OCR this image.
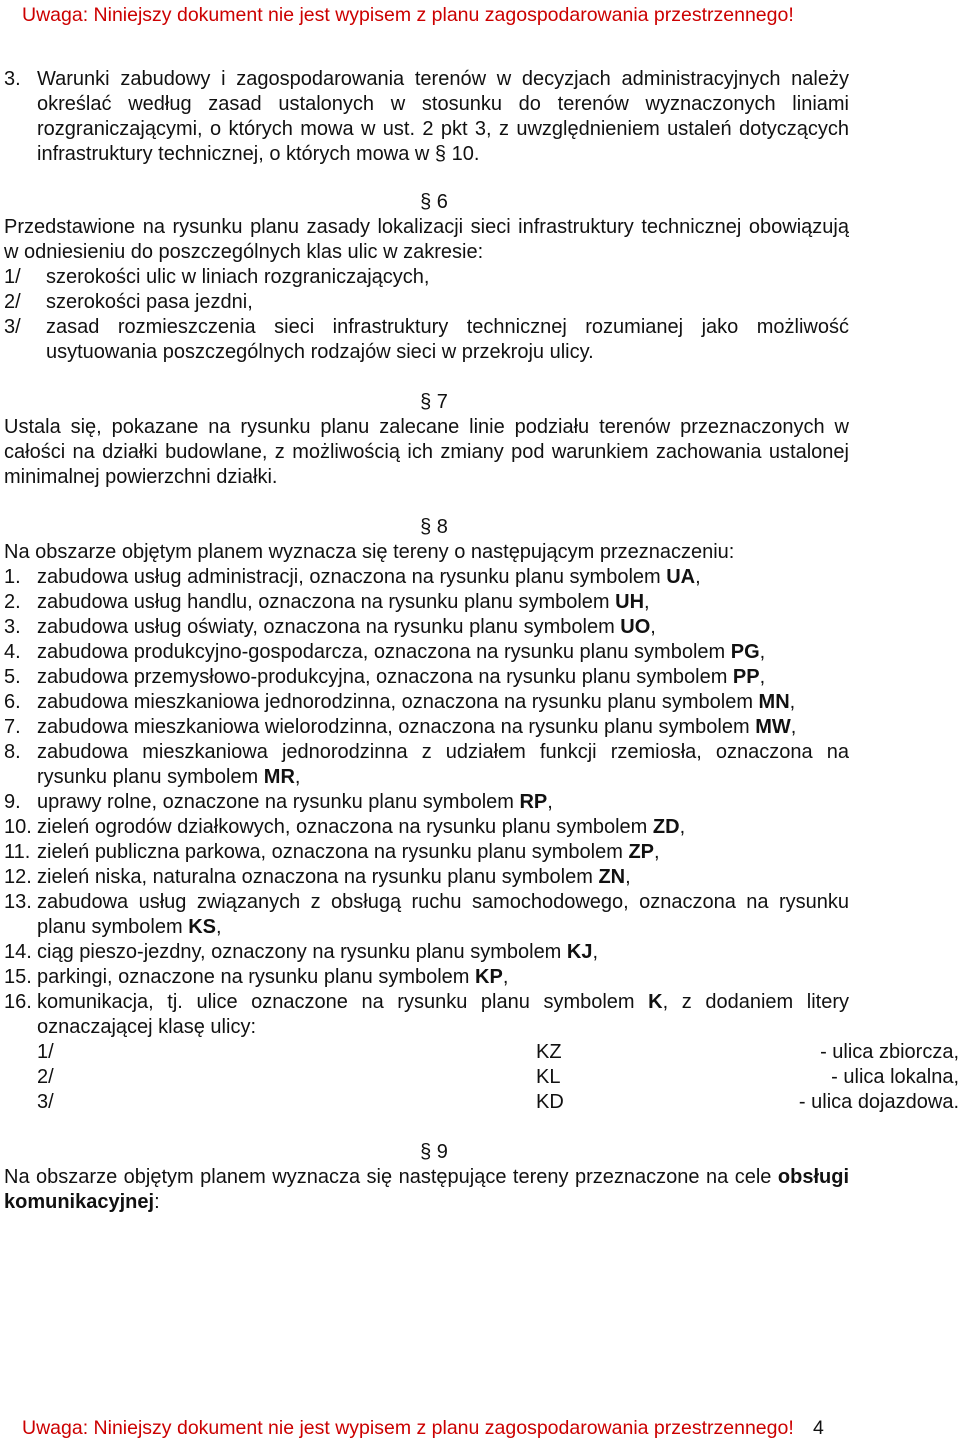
Uwaga: Niniejszy dokument nie jest wypisem z planu zagospodarowania przestrzennego!
3. Warunki zabudowy i zagospodarowania terenów w decyzjach administracyjnych należy określać według zasad ustalonych w stosunku do terenów wyznaczonych liniami rozgraniczającymi, o których mowa w ust. 2 pkt 3, z uwzględnieniem ustaleń dotyczących infrastruktury technicznej, o których mowa w § 10.
§ 6
Przedstawione na rysunku planu zasady lokalizacji sieci infrastruktury technicznej obowiązują w odniesieniu do poszczególnych klas ulic w zakresie:
1/	szerokości ulic w liniach rozgraniczających,
2/	szerokości pasa jezdni,
3/	zasad rozmieszczenia sieci infrastruktury technicznej rozumianej jako możliwość usytuowania poszczególnych rodzajów sieci w przekroju ulicy.
§ 7
Ustala się, pokazane na rysunku planu zalecane linie podziału terenów przeznaczonych w całości na działki budowlane, z możliwością ich zmiany pod warunkiem zachowania ustalonej minimalnej powierzchni działki.
§ 8
Na obszarze objętym planem wyznacza się tereny o następującym przeznaczeniu:
1. zabudowa usług administracji, oznaczona na rysunku planu symbolem UA,
2. zabudowa usług handlu, oznaczona na rysunku planu symbolem UH,
3. zabudowa usług oświaty, oznaczona na rysunku planu symbolem UO,
4. zabudowa produkcyjno-gospodarcza, oznaczona na rysunku planu symbolem PG,
5. zabudowa przemysłowo-produkcyjna, oznaczona na rysunku planu symbolem PP,
6. zabudowa mieszkaniowa jednorodzinna, oznaczona na rysunku planu symbolem MN,
7. zabudowa mieszkaniowa wielorodzinna, oznaczona na rysunku planu symbolem MW,
8. zabudowa mieszkaniowa jednorodzinna z udziałem funkcji rzemiosła, oznaczona na rysunku planu symbolem MR,
9. uprawy rolne, oznaczone na rysunku planu symbolem RP,
10. zieleń ogrodów działkowych, oznaczona na rysunku planu symbolem ZD,
11. zieleń publiczna parkowa, oznaczona na rysunku planu symbolem ZP,
12. zieleń niska, naturalna oznaczona na rysunku planu symbolem ZN,
13. zabudowa usług związanych z obsługą ruchu samochodowego, oznaczona na rysunku planu symbolem KS,
14. ciąg pieszo-jezdny, oznaczony na rysunku planu symbolem KJ,
15. parkingi, oznaczone na rysunku planu symbolem KP,
16. komunikacja, tj. ulice oznaczone na rysunku planu symbolem K, z dodaniem litery oznaczającej klasę ulicy:
1/	KZ	- ulica zbiorcza,
2/	KL	- ulica lokalna,
3/	KD	- ulica dojazdowa.
§ 9
Na obszarze objętym planem wyznacza się następujące tereny przeznaczone na cele obsługi komunikacyjnej:
Uwaga: Niniejszy dokument nie jest wypisem z planu zagospodarowania przestrzennego! 4
